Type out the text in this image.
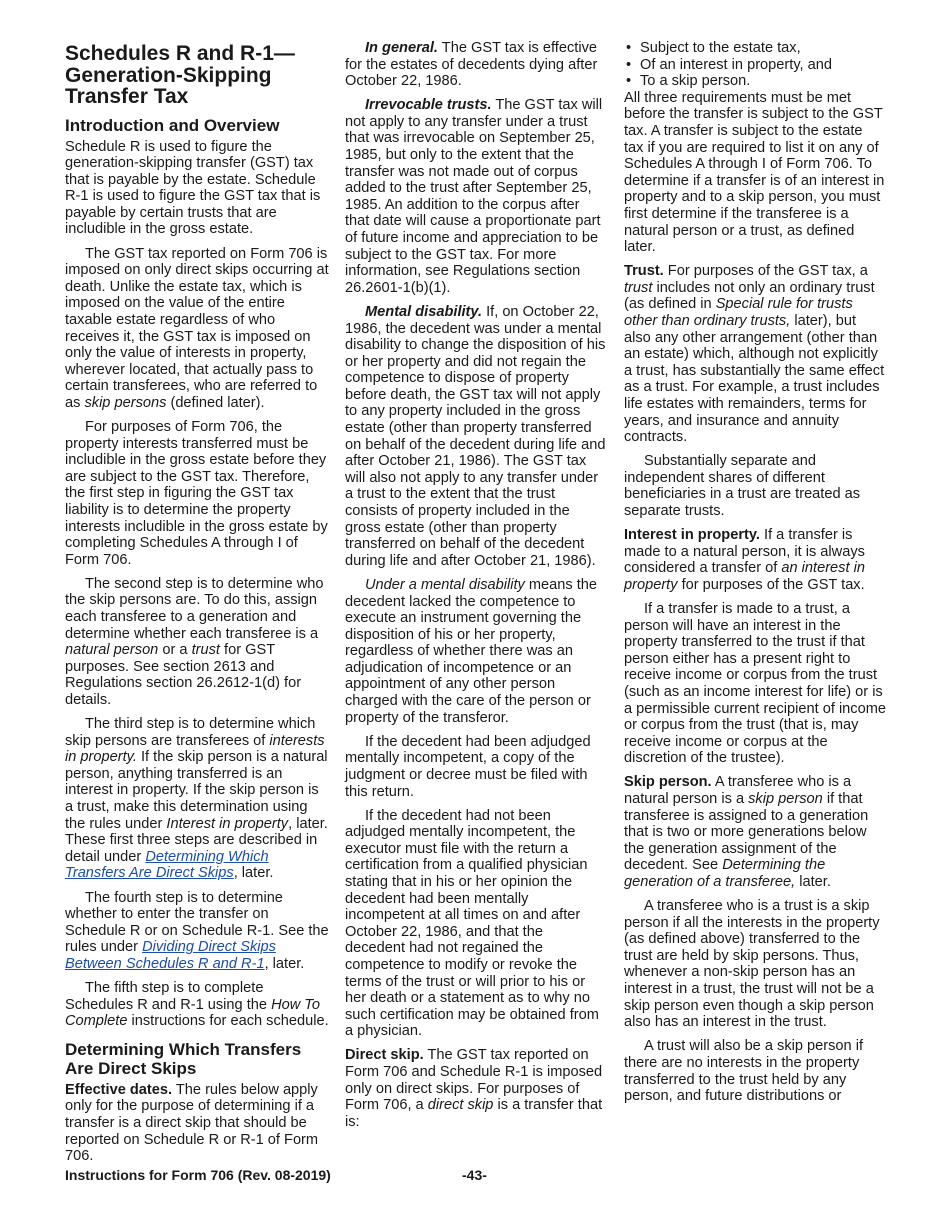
Schedules R and R-1—Generation-Skipping Transfer Tax
Introduction and Overview

Schedule R is used to figure the generation-skipping transfer (GST) tax that is payable by the estate. Schedule R-1 is used to figure the GST tax that is payable by certain trusts that are includible in the gross estate.

The GST tax reported on Form 706 is imposed on only direct skips occurring at death. Unlike the estate tax, which is imposed on the value of the entire taxable estate regardless of who receives it, the GST tax is imposed on only the value of interests in property, wherever located, that actually pass to certain transferees, who are referred to as skip persons (defined later).

For purposes of Form 706, the property interests transferred must be includible in the gross estate before they are subject to the GST tax. Therefore, the first step in figuring the GST tax liability is to determine the property interests includible in the gross estate by completing Schedules A through I of Form 706.

The second step is to determine who the skip persons are. To do this, assign each transferee to a generation and determine whether each transferee is a natural person or a trust for GST purposes. See section 2613 and Regulations section 26.2612-1(d) for details.

The third step is to determine which skip persons are transferees of interests in property. If the skip person is a natural person, anything transferred is an interest in property. If the skip person is a trust, make this determination using the rules under Interest in property, later. These first three steps are described in detail under Determining Which Transfers Are Direct Skips, later.

The fourth step is to determine whether to enter the transfer on Schedule R or on Schedule R-1. See the rules under Dividing Direct Skips Between Schedules R and R-1, later.

The fifth step is to complete Schedules R and R-1 using the How To Complete instructions for each schedule.

Determining Which Transfers Are Direct Skips

Effective dates. The rules below apply only for the purpose of determining if a transfer is a direct skip that should be reported on Schedule R or R-1 of Form 706.

In general. The GST tax is effective for the estates of decedents dying after October 22, 1986.

Irrevocable trusts. The GST tax will not apply to any transfer under a trust that was irrevocable on September 25, 1985, but only to the extent that the transfer was not made out of corpus added to the trust after September 25, 1985. An addition to the corpus after that date will cause a proportionate part of future income and appreciation to be subject to the GST tax. For more information, see Regulations section 26.2601-1(b)(1).

Mental disability. If, on October 22, 1986, the decedent was under a mental disability to change the disposition of his or her property and did not regain the competence to dispose of property before death, the GST tax will not apply to any property included in the gross estate (other than property transferred on behalf of the decedent during life and after October 21, 1986). The GST tax will also not apply to any transfer under a trust to the extent that the trust consists of property included in the gross estate (other than property transferred on behalf of the decedent during life and after October 21, 1986).

Under a mental disability means the decedent lacked the competence to execute an instrument governing the disposition of his or her property, regardless of whether there was an adjudication of incompetence or an appointment of any other person charged with the care of the person or property of the transferor.

If the decedent had been adjudged mentally incompetent, a copy of the judgment or decree must be filed with this return.

If the decedent had not been adjudged mentally incompetent, the executor must file with the return a certification from a qualified physician stating that in his or her opinion the decedent had been mentally incompetent at all times on and after October 22, 1986, and that the decedent had not regained the competence to modify or revoke the terms of the trust or will prior to his or her death or a statement as to why no such certification may be obtained from a physician.

Direct skip. The GST tax reported on Form 706 and Schedule R-1 is imposed only on direct skips. For purposes of Form 706, a direct skip is a transfer that is:

• Subject to the estate tax,
• Of an interest in property, and
• To a skip person.

All three requirements must be met before the transfer is subject to the GST tax. A transfer is subject to the estate tax if you are required to list it on any of Schedules A through I of Form 706. To determine if a transfer is of an interest in property and to a skip person, you must first determine if the transferee is a natural person or a trust, as defined later.

Trust. For purposes of the GST tax, a trust includes not only an ordinary trust (as defined in Special rule for trusts other than ordinary trusts, later), but also any other arrangement (other than an estate) which, although not explicitly a trust, has substantially the same effect as a trust. For example, a trust includes life estates with remainders, terms for years, and insurance and annuity contracts.

Substantially separate and independent shares of different beneficiaries in a trust are treated as separate trusts.

Interest in property. If a transfer is made to a natural person, it is always considered a transfer of an interest in property for purposes of the GST tax.

If a transfer is made to a trust, a person will have an interest in the property transferred to the trust if that person either has a present right to receive income or corpus from the trust (such as an income interest for life) or is a permissible current recipient of income or corpus from the trust (that is, may receive income or corpus at the discretion of the trustee).

Skip person. A transferee who is a natural person is a skip person if that transferee is assigned to a generation that is two or more generations below the generation assignment of the decedent. See Determining the generation of a transferee, later.

A transferee who is a trust is a skip person if all the interests in the property (as defined above) transferred to the trust are held by skip persons. Thus, whenever a non-skip person has an interest in a trust, the trust will not be a skip person even though a skip person also has an interest in the trust.

A trust will also be a skip person if there are no interests in the property transferred to the trust held by any person, and future distributions or

Instructions for Form 706 (Rev. 08-2019)	-43-
